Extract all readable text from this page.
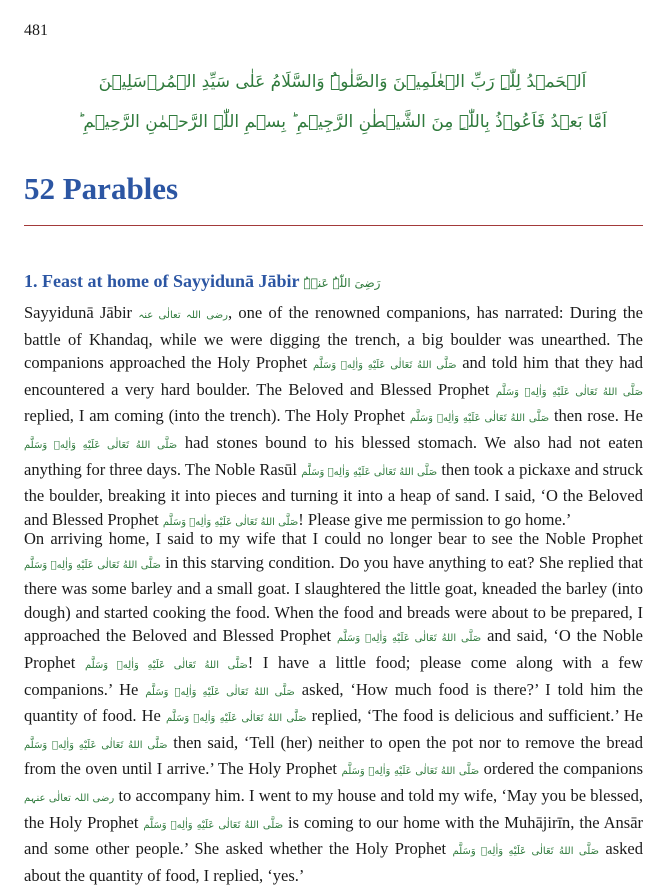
481
اَلۡحَمۡدُ لِلّٰہِ رَبِّ الۡعٰلَمِیۡنَ وَالصَّلٰوۃُ وَالسَّلَامُ عَلٰی سَیِّدِ الۡمُرۡسَلِیۡنَ
اَمَّا بَعۡدُ فَاَعُوۡذُ بِاللّٰہِ مِنَ الشَّیۡطٰنِ الرَّجِیۡمِ ؕ بِسۡمِ اللّٰہِ الرَّحۡمٰنِ الرَّحِیۡمِ ؕ
52 Parables
1. Feast at home of Sayyidunā Jābir رَضِیَ اللّٰہُ عَنۡہُ

Sayyidunā Jābir رضی اللہ تعالٰی عنہ, one of the renowned companions, has narrated: During the battle of Khandaq, while we were digging the trench, a big boulder was unearthed. The companions approached the Holy Prophet صَلَّى اللهُ تَعَالٰى عَلَيْهِ وَاٰلِهٖ وَسَلَّم and told him that they had encountered a very hard boulder. The Beloved and Blessed Prophet صَلَّى اللهُ تَعَالٰى عَلَيْهِ وَاٰلِهٖ وَسَلَّم replied, I am coming (into the trench). The Holy Prophet صَلَّى اللهُ تَعَالٰى عَلَيْهِ وَاٰلِهٖ وَسَلَّم then rose. He صَلَّى اللهُ تَعَالٰى عَلَيْهِ وَاٰلِهٖ وَسَلَّم had stones bound to his blessed stomach. We also had not eaten anything for three days. The Noble Rasūl صَلَّى اللهُ تَعَالٰى عَلَيْهِ وَاٰلِهٖ وَسَلَّم then took a pickaxe and struck the boulder, breaking it into pieces and turning it into a heap of sand. I said, ‘O the Beloved and Blessed Prophet صَلَّى اللهُ تَعَالٰى عَلَيْهِ وَاٰلِهٖ وَسَلَّم! Please give me permission to go home.’

On arriving home, I said to my wife that I could no longer bear to see the Noble Prophet صَلَّى اللهُ تَعَالٰى عَلَيْهِ وَاٰلِهٖ وَسَلَّم in this starving condition. Do you have anything to eat? She replied that there was some barley and a small goat. I slaughtered the little goat, kneaded the barley (into dough) and started cooking the food. When the food and breads were about to be prepared, I approached the Beloved and Blessed Prophet صَلَّى اللهُ تَعَالٰى عَلَيْهِ وَاٰلِهٖ وَسَلَّم and said, ‘O the Noble Prophet صَلَّى اللهُ تَعَالٰى عَلَيْهِ وَاٰلِهٖ وَسَلَّم! I have a little food; please come along with a few companions.’ He صَلَّى اللهُ تَعَالٰى عَلَيْهِ وَاٰلِهٖ وَسَلَّم asked, ‘How much food is there?’ I told him the quantity of food. He صَلَّى اللهُ تَعَالٰى عَلَيْهِ وَاٰلِهٖ وَسَلَّم replied, ‘The food is delicious and sufficient.’ He صَلَّى اللهُ تَعَالٰى عَلَيْهِ وَاٰلِهٖ وَسَلَّم then said, ‘Tell (her) neither to open the pot nor to remove the bread from the oven until I arrive.’ The Holy Prophet صَلَّى اللهُ تَعَالٰى عَلَيْهِ وَاٰلِهٖ وَسَلَّم ordered the companions رضی اللہ تعالٰی عنہم to accompany him. I went to my house and told my wife, ‘May you be blessed, the Holy Prophet صَلَّى اللهُ تَعَالٰى عَلَيْهِ وَاٰلِهٖ وَسَلَّم is coming to our home with the Muhājirīn, the Ansār and some other people.’ She asked whether the Holy Prophet صَلَّى اللهُ تَعَالٰى عَلَيْهِ وَاٰلِهٖ وَسَلَّم asked about the quantity of food, I replied, ‘yes.’
